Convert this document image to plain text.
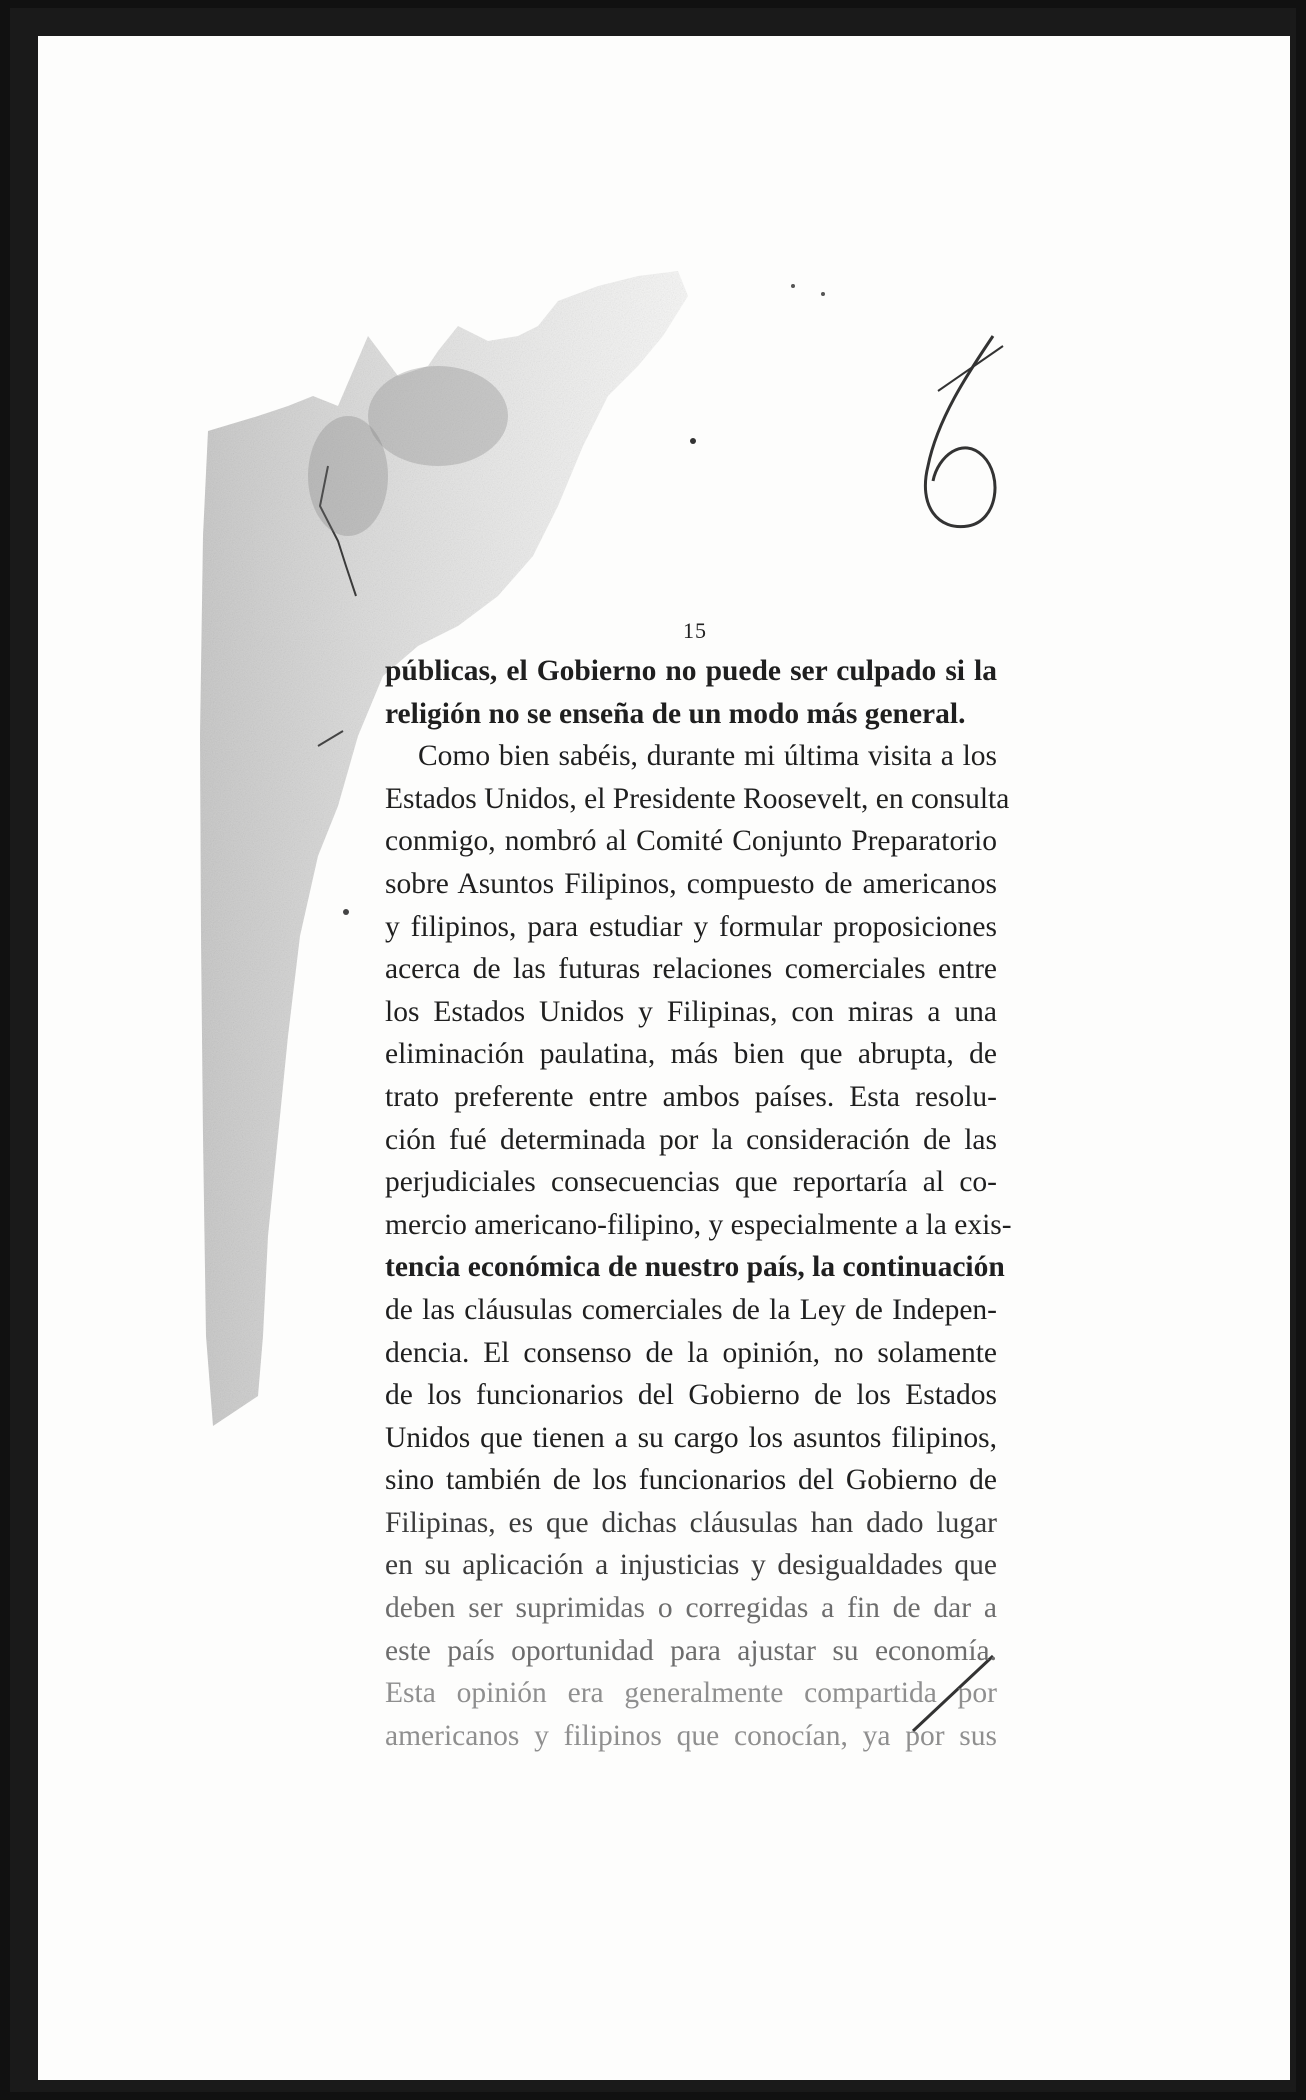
15
públicas, el Gobierno no puede ser culpado si la
religión no se enseña de un modo más general.
Como bien sabéis, durante mi última visita a los
Estados Unidos, el Presidente Roosevelt, en consulta
conmigo, nombró al Comité Conjunto Preparatorio
sobre Asuntos Filipinos, compuesto de americanos
y filipinos, para estudiar y formular proposiciones
acerca de las futuras relaciones comerciales entre
los Estados Unidos y Filipinas, con miras a una
eliminación paulatina, más bien que abrupta, de
trato preferente entre ambos países. Esta resolu-
ción fué determinada por la consideración de las
perjudiciales consecuencias que reportaría al co-
mercio americano-filipino, y especialmente a la exis-
tencia económica de nuestro país, la continuación
de las cláusulas comerciales de la Ley de Indepen-
dencia. El consenso de la opinión, no solamente
de los funcionarios del Gobierno de los Estados
Unidos que tienen a su cargo los asuntos filipinos,
sino también de los funcionarios del Gobierno de
Filipinas, es que dichas cláusulas han dado lugar
en su aplicación a injusticias y desigualdades que
deben ser suprimidas o corregidas a fin de dar a
este país oportunidad para ajustar su economía.
Esta opinión era generalmente compartida por
americanos y filipinos que conocían, ya por sus
